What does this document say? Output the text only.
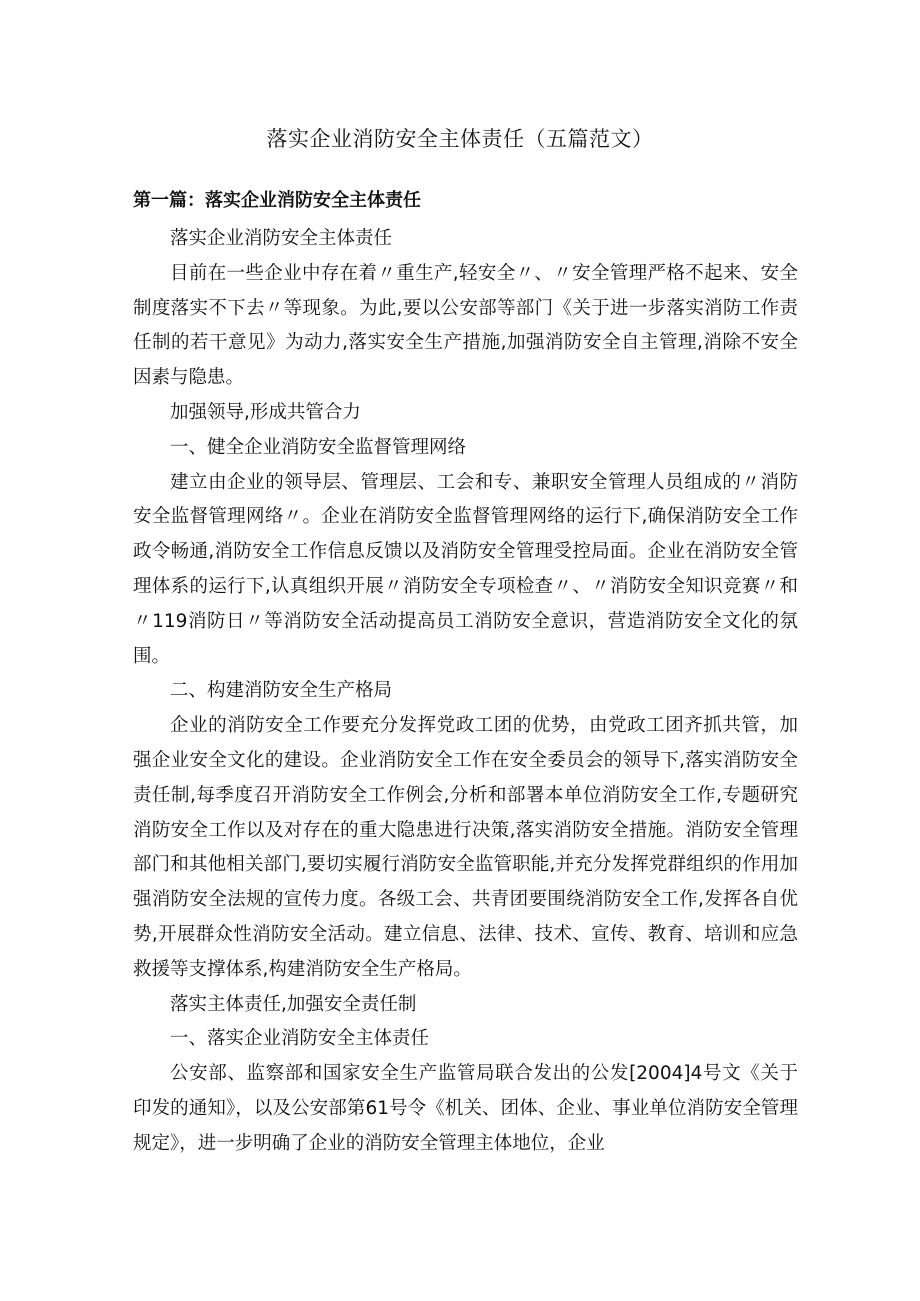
落实企业消防安全主体责任（五篇范文）
第一篇：落实企业消防安全主体责任

落实企业消防安全主体责任

目前在一些企业中存在着〃重生产,轻安全〃、〃安全管理严格不起来、安全制度落实不下去〃等现象。为此,要以公安部等部门《关于进一步落实消防工作责任制的若干意见》为动力,落实安全生产措施,加强消防安全自主管理,消除不安全因素与隐患。

加强领导,形成共管合力

一、健全企业消防安全监督管理网络

建立由企业的领导层、管理层、工会和专、兼职安全管理人员组成的〃消防安全监督管理网络〃。企业在消防安全监督管理网络的运行下,确保消防安全工作政令畅通,消防安全工作信息反馈以及消防安全管理受控局面。企业在消防安全管理体系的运行下,认真组织开展〃消防安全专项检查〃、〃消防安全知识竞赛〃和〃119消防日〃等消防安全活动提高员工消防安全意识，营造消防安全文化的氛围。

二、构建消防安全生产格局

企业的消防安全工作要充分发挥党政工团的优势，由党政工团齐抓共管，加强企业安全文化的建设。企业消防安全工作在安全委员会的领导下,落实消防安全责任制,每季度召开消防安全工作例会,分析和部署本单位消防安全工作,专题研究消防安全工作以及对存在的重大隐患进行决策,落实消防安全措施。消防安全管理部门和其他相关部门,要切实履行消防安全监管职能,并充分发挥党群组织的作用加强消防安全法规的宣传力度。各级工会、共青团要围绕消防安全工作,发挥各自优势,开展群众性消防安全活动。建立信息、法律、技术、宣传、教育、培训和应急救援等支撑体系,构建消防安全生产格局。

落实主体责任,加强安全责任制

一、落实企业消防安全主体责任

公安部、监察部和国家安全生产监管局联合发出的公发[2004]4号文《关于印发的通知》，以及公安部第61号令《机关、团体、企业、事业单位消防安全管理规定》，进一步明确了企业的消防安全管理主体地位，企业
